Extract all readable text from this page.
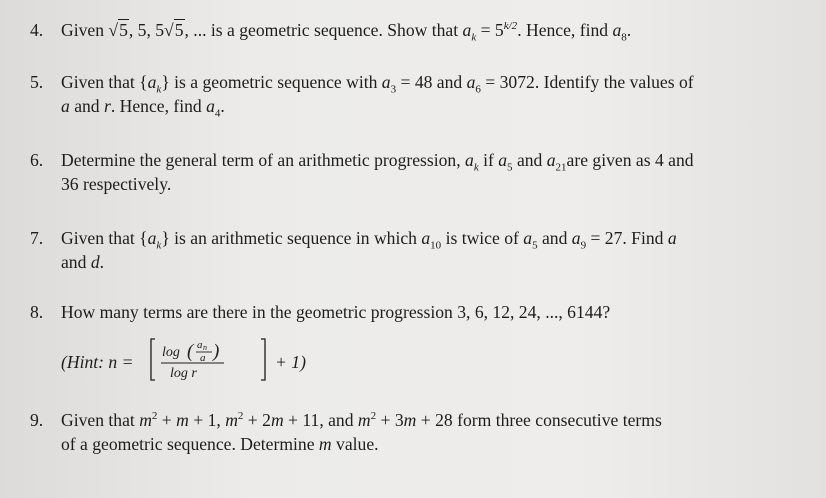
4.	Given √5, 5, 5√5, ... is a geometric sequence. Show that $a_k = 5^{k/2}$. Hence, find $a_8$.
5.	Given that $\{a_k\}$ is a geometric sequence with $a_3 = 48$ and $a_6 = 3072$. Identify the values of
a and r. Hence, find $a_4$.
6.	Determine the general term of an arithmetic progression, $a_k$ if $a_5$ and $a_{21}are$ given as 4 and
36 respectively.
7.	Given that $\{a_k\}$ is an arithmetic sequence in which $a_{10}$ is twice of $a_5$ and $a_9 = 27$. Find a
and d.
8.	How many terms are there in the geometric progression 3, 6, 12, 24, ..., 6144?
(Hint: n = log ( a n
a )
log r
+ 1)
9.	Given that $m^2 + m + 1$, $m^2 + 2m + 11$, and $m^2 + 3m + 28$ form three consecutive terms
of a geometric sequence. Determine m value.
